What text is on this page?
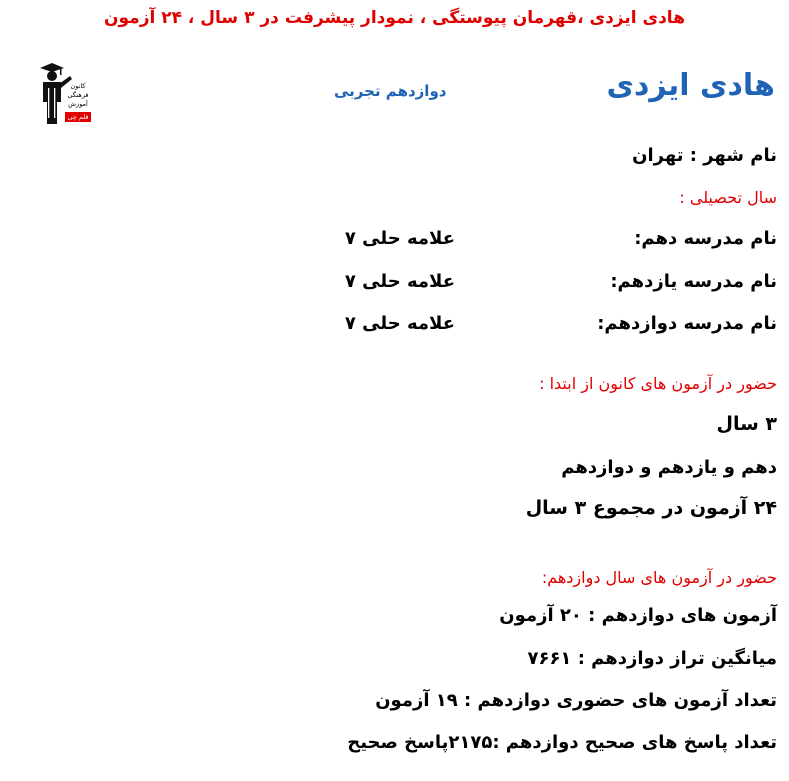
هادی ایزدی ،قهرمان پیوستگی ، نمودار پیشرفت در ۳ سال ، ۲۴ آزمون
هادی ایزدی
دوازدهم تجربی
کانون
فرهنگی
آموزش
قلم چی
نام شهر : تهران
سال تحصیلی :
نام مدرسه دهم:
علامه حلی ۷
نام مدرسه یازدهم:
علامه حلی ۷
نام مدرسه دوازدهم:
علامه حلی ۷
حضور در آزمون های کانون از ابتدا :
۳ سال
دهم و یازدهم و دوازدهم
۲۴ آزمون در مجموع ۳ سال
حضور در آزمون های سال دوازدهم:
آزمون های دوازدهم : ۲۰ آزمون
میانگین تراز دوازدهم : ۷۶۶۱
تعداد آزمون های حضوری دوازدهم : ۱۹ آزمون
تعداد پاسخ های صحیح دوازدهم :۲۱۷۵پاسخ صحیح
